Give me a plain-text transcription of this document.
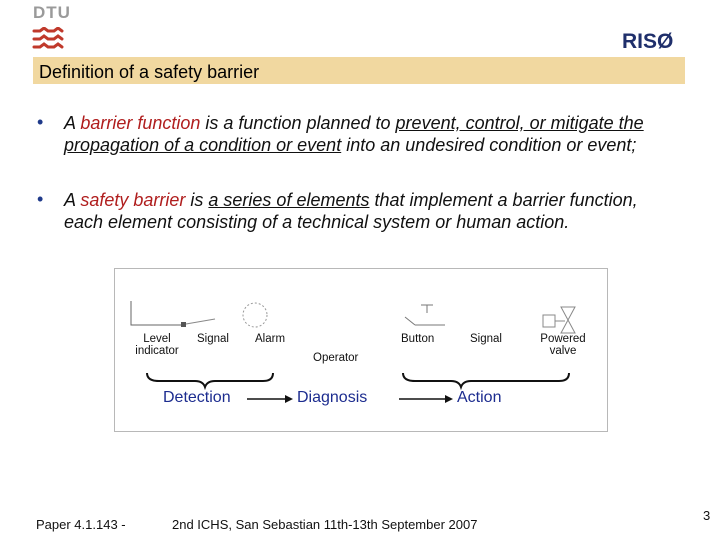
DTU
RISØ
Definition of a safety barrier
• A barrier function is a function planned to prevent, control, or mitigate the propagation of a condition or event into an undesired condition or event;
• A safety barrier is a series of elements that implement a barrier function, each element consisting of a technical system or human action.
Level
indicator
Signal Alarm
Operator
Button	Signal	Powered
valve
Detection	Diagnosis	Action
Paper 4.1.143 -	2nd ICHS, San Sebastian 11th-13th September 2007
3
